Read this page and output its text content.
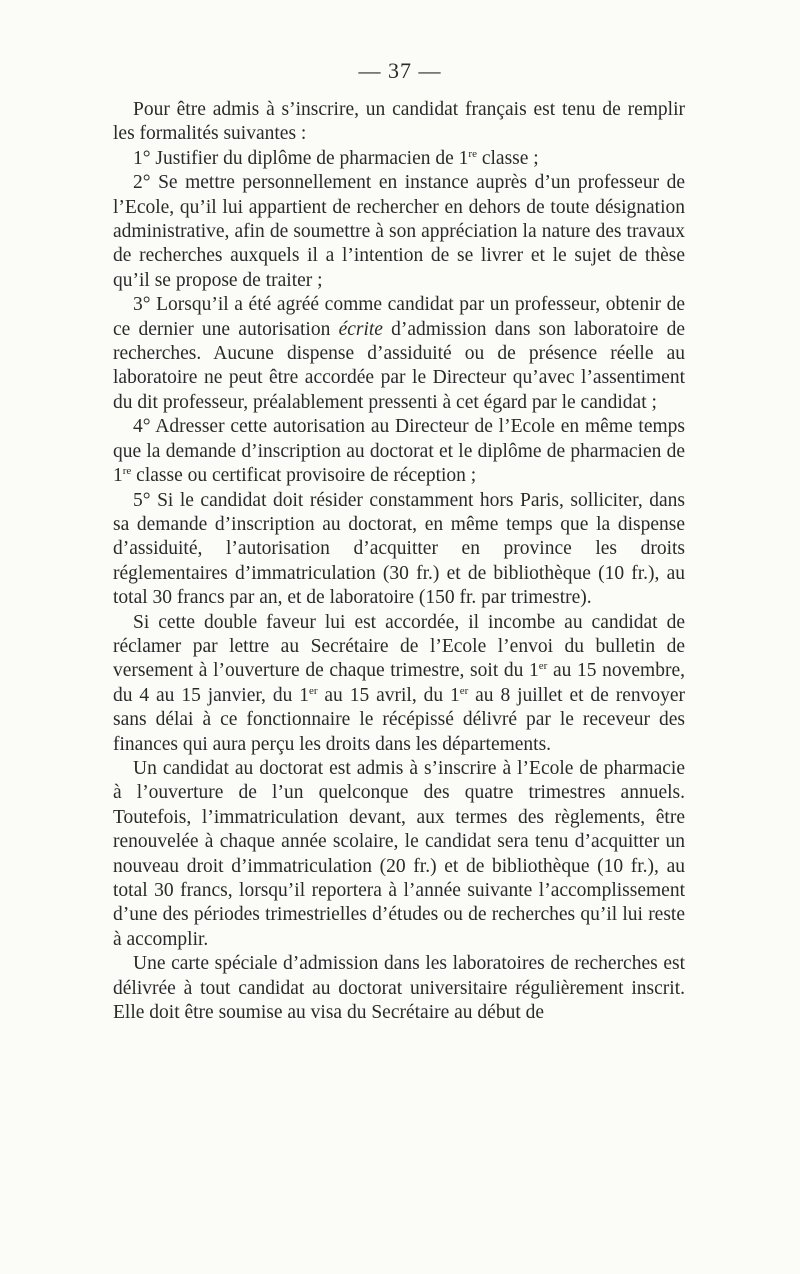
— 37 —

Pour être admis à s’inscrire, un candidat français est tenu de remplir les formalités suivantes :

1° Justifier du diplôme de pharmacien de 1re classe ;

2° Se mettre personnellement en instance auprès d’un professeur de l’Ecole, qu’il lui appartient de rechercher en dehors de toute désignation administrative, afin de soumettre à son appréciation la nature des travaux de recherches auxquels il a l’intention de se livrer et le sujet de thèse qu’il se propose de traiter ;

3° Lorsqu’il a été agréé comme candidat par un professeur, obtenir de ce dernier une autorisation écrite d’admission dans son laboratoire de recherches. Aucune dispense d’assiduité ou de présence réelle au laboratoire ne peut être accordée par le Directeur qu’avec l’assentiment du dit professeur, préalablement pressenti à cet égard par le candidat ;

4° Adresser cette autorisation au Directeur de l’Ecole en même temps que la demande d’inscription au doctorat et le diplôme de pharmacien de 1re classe ou certificat provisoire de réception ;

5° Si le candidat doit résider constamment hors Paris, solliciter, dans sa demande d’inscription au doctorat, en même temps que la dispense d’assiduité, l’autorisation d’acquitter en province les droits réglementaires d’immatriculation (30 fr.) et de bibliothèque (10 fr.), au total 30 francs par an, et de laboratoire (150 fr. par trimestre).

Si cette double faveur lui est accordée, il incombe au candidat de réclamer par lettre au Secrétaire de l’Ecole l’envoi du bulletin de versement à l’ouverture de chaque trimestre, soit du 1er au 15 novembre, du 4 au 15 janvier, du 1er au 15 avril, du 1er au 8 juillet et de renvoyer sans délai à ce fonctionnaire le récépissé délivré par le receveur des finances qui aura perçu les droits dans les départements.

Un candidat au doctorat est admis à s’inscrire à l’Ecole de pharmacie à l’ouverture de l’un quelconque des quatre trimestres annuels. Toutefois, l’immatriculation devant, aux termes des règlements, être renouvelée à chaque année scolaire, le candidat sera tenu d’acquitter un nouveau droit d’immatriculation (20 fr.) et de bibliothèque (10 fr.), au total 30 francs, lorsqu’il reportera à l’année suivante l’accomplissement d’une des périodes trimestrielles d’études ou de recherches qu’il lui reste à accomplir.

Une carte spéciale d’admission dans les laboratoires de recherches est délivrée à tout candidat au doctorat universitaire régulièrement inscrit. Elle doit être soumise au visa du Secrétaire au début de
